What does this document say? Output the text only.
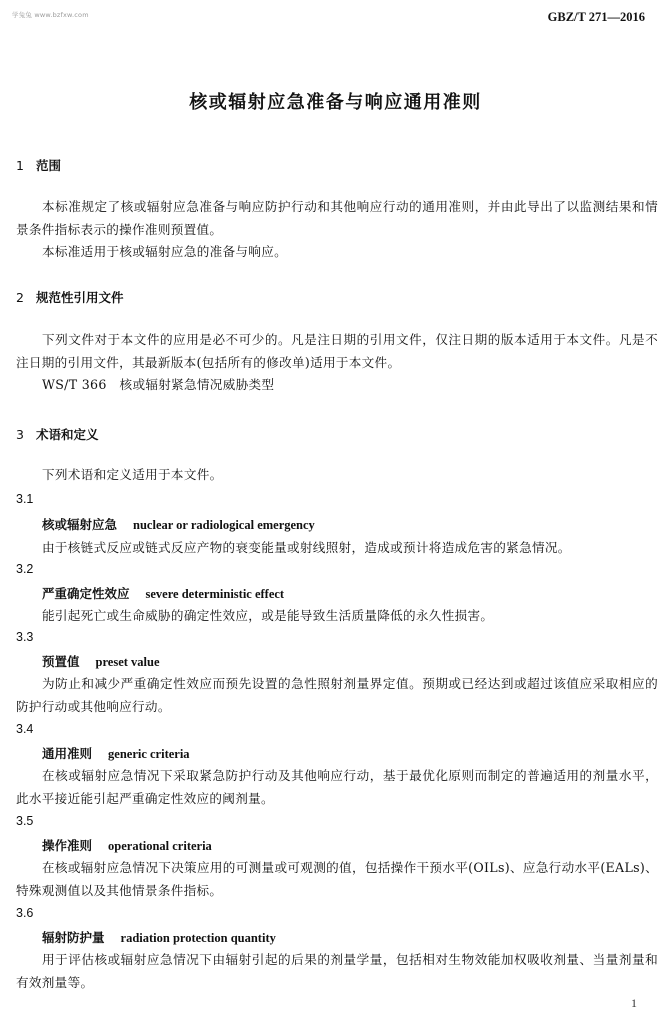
学兔兔 www.bzfxw.com	GBZ/T 271—2016
核或辐射应急准备与响应通用准则
1 范围
本标准规定了核或辐射应急准备与响应防护行动和其他响应行动的通用准则，并由此导出了以监测结果和情景条件指标表示的操作准则预置值。
本标准适用于核或辐射应急的准备与响应。
2 规范性引用文件
下列文件对于本文件的应用是必不可少的。凡是注日期的引用文件，仅注日期的版本适用于本文件。凡是不注日期的引用文件，其最新版本(包括所有的修改单)适用于本文件。
WS/T 366　核或辐射紧急情况威胁类型
3 术语和定义
下列术语和定义适用于本文件。
3.1
核或辐射应急 nuclear or radiological emergency
由于核链式反应或链式反应产物的衰变能量或射线照射，造成或预计将造成危害的紧急情况。
3.2
严重确定性效应 severe deterministic effect
能引起死亡或生命威胁的确定性效应，或是能导致生活质量降低的永久性损害。
3.3
预置值 preset value
为防止和减少严重确定性效应而预先设置的急性照射剂量界定值。预期或已经达到或超过该值应采取相应的防护行动或其他响应行动。
3.4
通用准则 generic criteria
在核或辐射应急情况下采取紧急防护行动及其他响应行动，基于最优化原则而制定的普遍适用的剂量水平，此水平接近能引起严重确定性效应的阈剂量。
3.5
操作准则 operational criteria
在核或辐射应急情况下决策应用的可测量或可观测的值，包括操作干预水平(OILs)、应急行动水平(EALs)、特殊观测值以及其他情景条件指标。
3.6
辐射防护量 radiation protection quantity
用于评估核或辐射应急情况下由辐射引起的后果的剂量学量，包括相对生物效能加权吸收剂量、当量剂量和有效剂量等。
1
